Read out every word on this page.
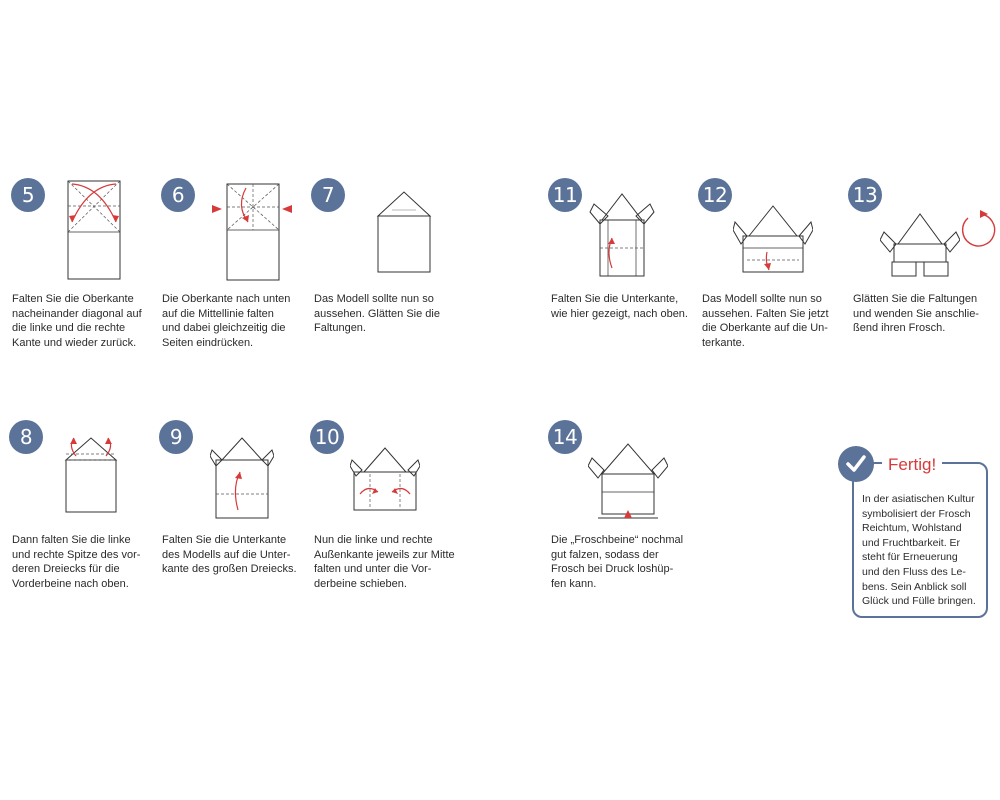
5
Falten Sie die Oberkante
nacheinander diagonal auf
die linke und die rechte
Kante und wieder zurück.
6
Die Oberkante nach unten
auf die Mittellinie falten
und dabei gleichzeitig die
Seiten eindrücken.
7
Das Modell sollte nun so
aussehen. Glätten Sie die
Faltungen.
11
Falten Sie die Unterkante,
wie hier gezeigt, nach oben.
12
Das Modell sollte nun so
aussehen. Falten Sie jetzt
die Oberkante auf die Un-
terkante.
13
Glätten Sie die Faltungen
und wenden Sie anschlie-
ßend ihren Frosch.
8
Dann falten Sie die linke
und rechte Spitze des vor-
deren Dreiecks für die
Vorderbeine nach oben.
9
Falten Sie die Unterkante
des Modells auf die Unter-
kante des großen Dreiecks.
10
Nun die linke und rechte
Außenkante jeweils zur Mitte
falten und unter die Vor-
derbeine schieben.
14
Die „Froschbeine“ nochmal
gut falzen, sodass der
Frosch bei Druck loshüp-
fen kann.
Fertig!
In der asiatischen Kultur
symbolisiert der Frosch
Reichtum, Wohlstand
und Fruchtbarkeit. Er
steht für Erneuerung
und den Fluss des Le-
bens. Sein Anblick soll
Glück und Fülle bringen.
